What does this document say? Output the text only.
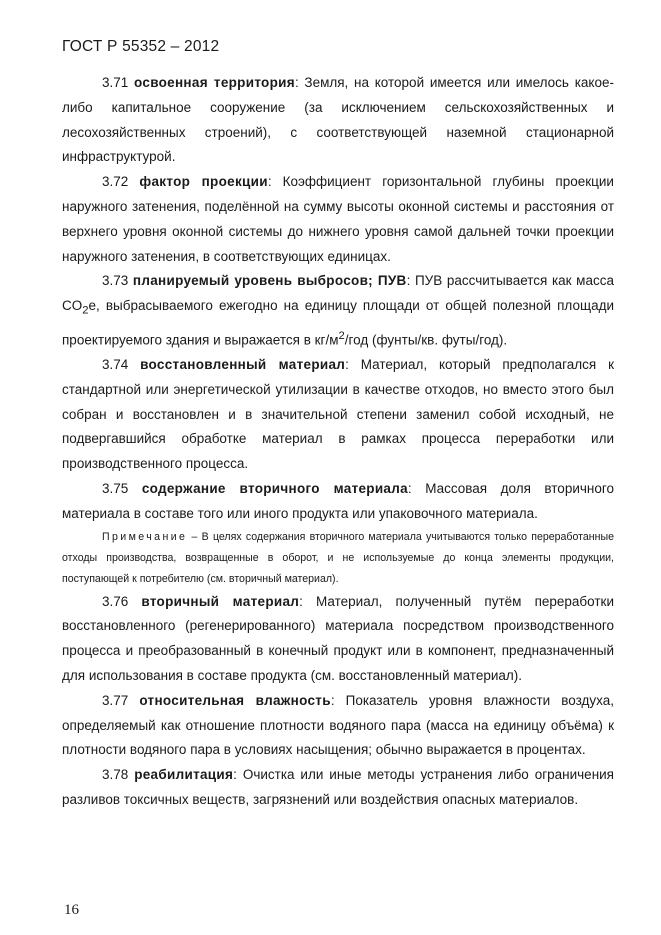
ГОСТ Р 55352 – 2012

3.71 освоенная территория: Земля, на которой имеется или имелось какое-либо капитальное сооружение (за исключением сельскохозяйственных и лесохозяйственных строений), с соответствующей наземной стационарной инфраструктурой.

3.72 фактор проекции: Коэффициент горизонтальной глубины проекции наружного затенения, поделённой на сумму высоты оконной системы и расстояния от верхнего уровня оконной системы до нижнего уровня самой дальней точки проекции наружного затенения, в соответствующих единицах.

3.73 планируемый уровень выбросов; ПУВ: ПУВ рассчитывается как масса $CO_2е$, выбрасываемого ежегодно на единицу площади от общей полезной площади проектируемого здания и выражается в $кг/м^2$/год (фунты/кв. футы/год).

3.74 восстановленный материал: Материал, который предполагался к стандартной или энергетической утилизации в качестве отходов, но вместо этого был собран и восстановлен и в значительной степени заменил собой исходный, не подвергавшийся обработке материал в рамках процесса переработки или производственного процесса.

3.75 содержание вторичного материала: Массовая доля вторичного материала в составе того или иного продукта или упаковочного материала.

Примечание – В целях содержания вторичного материала учитываются только переработанные отходы производства, возвращенные в оборот, и не используемые до конца элементы продукции, поступающей к потребителю (см. вторичный материал).

3.76 вторичный материал: Материал, полученный путём переработки восстановленного (регенерированного) материала посредством производственного процесса и преобразованный в конечный продукт или в компонент, предназначенный для использования в составе продукта (см. восстановленный материал).

3.77 относительная влажность: Показатель уровня влажности воздуха, определяемый как отношение плотности водяного пара (масса на единицу объёма) к плотности водяного пара в условиях насыщения; обычно выражается в процентах.

3.78 реабилитация: Очистка или иные методы устранения либо ограничения разливов токсичных веществ, загрязнений или воздействия опасных материалов.

16
